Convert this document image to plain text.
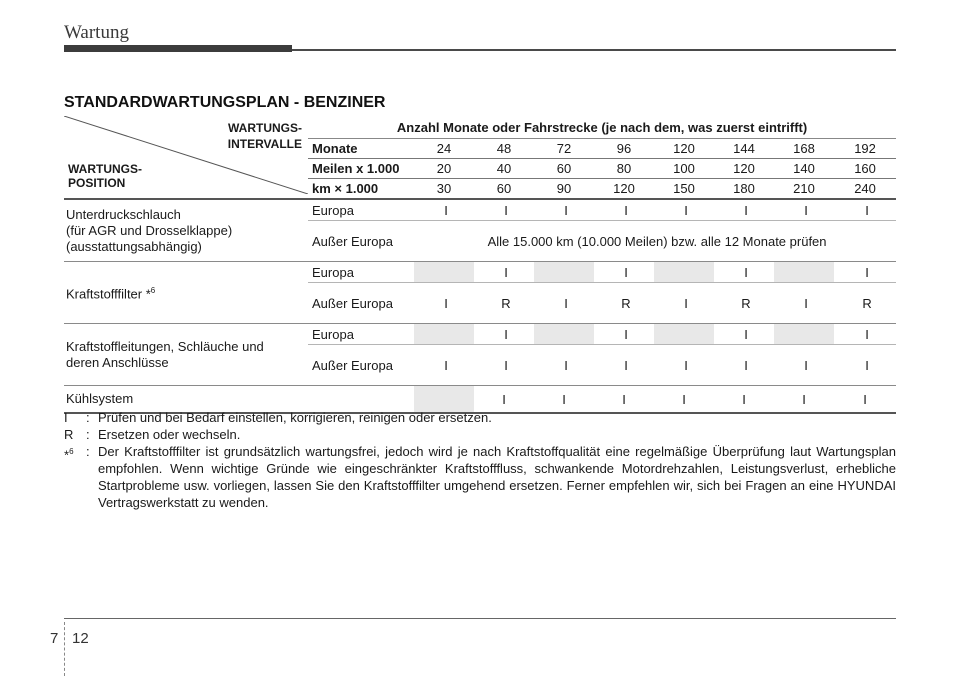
Wartung
STANDARDWARTUNGSPLAN - BENZINER
WARTUNGS-
INTERVALLE
WARTUNGS-
POSITION	Anzahl Monate oder Fahrstrecke (je nach dem, was zuerst eintrifft)								
	Monate	24	48	72	96	120	144	168	192
	Meilen x 1.000	20	40	60	80	100	120	140	160
	km × 1.000	30	60	90	120	150	180	210	240

Unterdruckschlauch
(für AGR und Drosselklappe)
(ausstattungsabhängig)	Europa	I	I	I	I	I	I	I	I
	Außer Europa	Alle 15.000 km (10.000 Meilen) bzw. alle 12 Monate prüfen							
Kraftstofffilter *$^6$	Europa		I		I		I		I
	Außer Europa	I	R	I	R	I	R	I	R

Kraftstoffleitungen, Schläuche und
deren Anschlüsse	Europa		I		I		I		I
	Außer Europa	I	I	I	I	I	I	I	I
Kühlsystem			I	I	I	I	I	I	I
I	: Prüfen und bei Bedarf einstellen, korrigieren, reinigen oder ersetzen.
R : Ersetzen oder wechseln.
*$^6$ : Der Kraftstofffilter ist grundsätzlich wartungsfrei, jedoch wird je nach Kraftstoffqualität eine regelmäßige Überprüfung laut Wartungsplan empfohlen. Wenn wichtige Gründe wie eingeschränkter Kraftstofffluss, schwankende Motordrehzahlen, Leistungsverlust, erhebliche Startprobleme usw. vorliegen, lassen Sie den Kraftstofffilter umgehend ersetzen. Ferner empfehlen wir, sich bei Fragen an eine HYUNDAI Vertragswerkstatt zu wenden.
7 12
